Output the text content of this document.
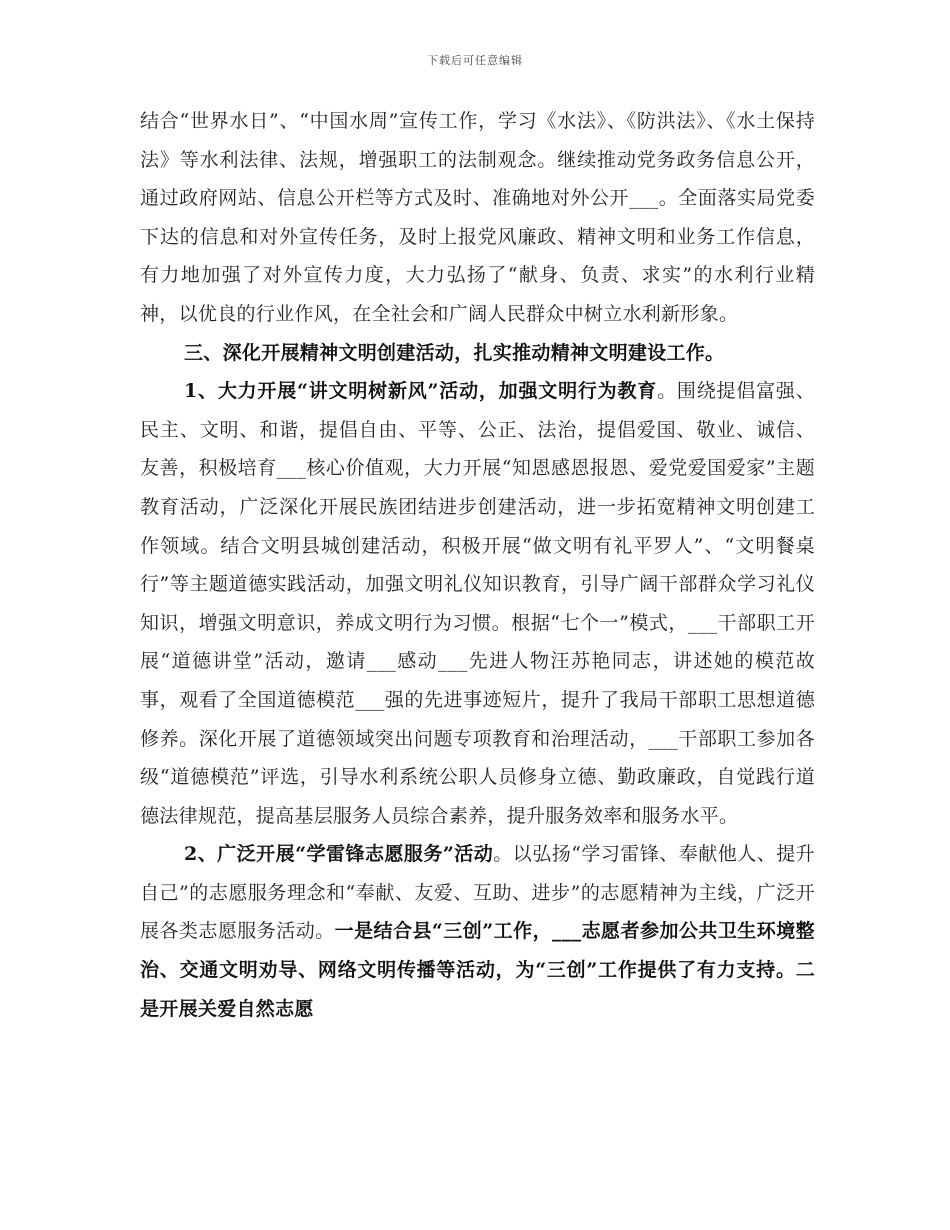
下载后可任意编辑

结合“世界水日”、“中国水周”宣传工作，学习《水法》、《防洪法》、《水土保持法》等水利法律、法规，增强职工的法制观念。继续推动党务政务信息公开，通过政府网站、信息公开栏等方式及时、准确地对外公开___。全面落实局党委下达的信息和对外宣传任务，及时上报党风廉政、精神文明和业务工作信息，有力地加强了对外宣传力度，大力弘扬了“献身、负责、求实”的水利行业精神，以优良的行业作风，在全社会和广阔人民群众中树立水利新形象。

三、深化开展精神文明创建活动，扎实推动精神文明建设工作。

1、大力开展“讲文明树新风”活动，加强文明行为教育。围绕提倡富强、民主、文明、和谐，提倡自由、平等、公正、法治，提倡爱国、敬业、诚信、友善，积极培育___核心价值观，大力开展“知恩感恩报恩、爱党爱国爱家”主题教育活动，广泛深化开展民族团结进步创建活动，进一步拓宽精神文明创建工作领域。结合文明县城创建活动，积极开展“做文明有礼平罗人”、“文明餐桌行”等主题道德实践活动，加强文明礼仪知识教育，引导广阔干部群众学习礼仪知识，增强文明意识，养成文明行为习惯。根据“七个一”模式，___干部职工开展“道德讲堂”活动，邀请___感动___先进人物汪苏艳同志，讲述她的模范故事，观看了全国道德模范___强的先进事迹短片，提升了我局干部职工思想道德修养。深化开展了道德领域突出问题专项教育和治理活动，___干部职工参加各级“道德模范”评选，引导水利系统公职人员修身立德、勤政廉政，自觉践行道德法律规范，提高基层服务人员综合素养，提升服务效率和服务水平。

2、广泛开展“学雷锋志愿服务”活动。以弘扬“学习雷锋、奉献他人、提升自己”的志愿服务理念和“奉献、友爱、互助、进步”的志愿精神为主线，广泛开展各类志愿服务活动。一是结合县“三创”工作，___志愿者参加公共卫生环境整治、交通文明劝导、网络文明传播等活动，为“三创”工作提供了有力支持。二是开展关爱自然志愿
